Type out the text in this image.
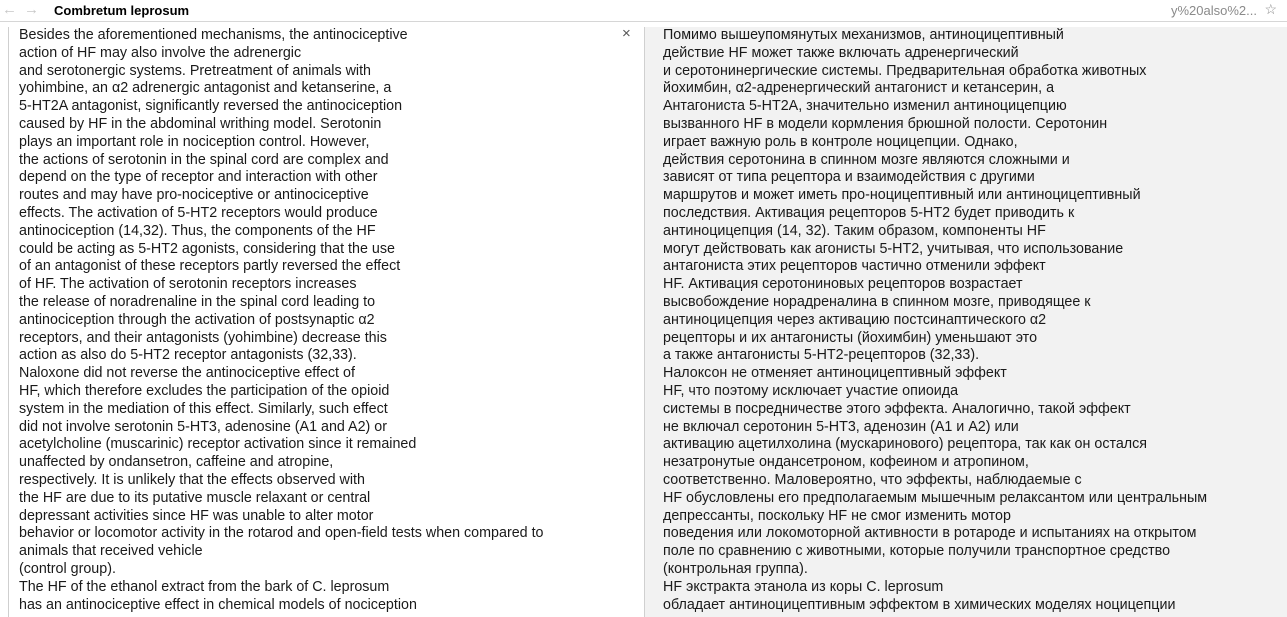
← → Combretum leprosum	y%20also%2... ☆
Besides the aforementioned mechanisms, the antinociceptive
action of HF may also involve the adrenergic
and serotonergic systems. Pretreatment of animals with
yohimbine, an α2 adrenergic antagonist and ketanserine, a
5-HT2A antagonist, significantly reversed the antinociception
caused by HF in the abdominal writhing model. Serotonin
plays an important role in nociception control. However,
the actions of serotonin in the spinal cord are complex and
depend on the type of receptor and interaction with other
routes and may have pro-nociceptive or antinociceptive
effects. The activation of 5-HT2 receptors would produce
antinociception (14,32). Thus, the components of the HF
could be acting as 5-HT2 agonists, considering that the use
of an antagonist of these receptors partly reversed the effect
of HF. The activation of serotonin receptors increases
the release of noradrenaline in the spinal cord leading to
antinociception through the activation of postsynaptic α2
receptors, and their antagonists (yohimbine) decrease this
action as also do 5-HT2 receptor antagonists (32,33).
Naloxone did not reverse the antinociceptive effect of
HF, which therefore excludes the participation of the opioid
system in the mediation of this effect. Similarly, such effect
did not involve serotonin 5-HT3, adenosine (A1 and A2) or
acetylcholine (muscarinic) receptor activation since it remained
unaffected by ondansetron, caffeine and atropine,
respectively. It is unlikely that the effects observed with
the HF are due to its putative muscle relaxant or central
depressant activities since HF was unable to alter motor
behavior or locomotor activity in the rotarod and open-field tests when compared to
animals that received vehicle
(control group).
The HF of the ethanol extract from the bark of C. leprosum
has an antinociceptive effect in chemical models of nociception
× Помимо вышеупомянутых механизмов, антиноцицептивный
действие HF может также включать адренергический
и серотонинергические системы. Предварительная обработка животных
йохимбин, α2-адренергический антагонист и кетансерин, а
Антагониста 5-HT2A, значительно изменил антиноцицепцию
вызванного HF в модели кормления брюшной полости. Серотонин
играет важную роль в контроле ноцицепции. Однако,
действия серотонина в спинном мозге являются сложными и
зависят от типа рецептора и взаимодействия с другими
маршрутов и может иметь про-ноцицептивный или антиноцицептивный
последствия. Активация рецепторов 5-HT2 будет приводить к
антиноцицепция (14, 32). Таким образом, компоненты HF
могут действовать как агонисты 5-HT2, учитывая, что использование
антагониста этих рецепторов частично отменили эффект
HF. Активация серотониновых рецепторов возрастает
высвобождение норадреналина в спинном мозге, приводящее к
антиноцицепция через активацию постсинаптического α2
рецепторы и их антагонисты (йохимбин) уменьшают это
а также антагонисты 5-HT2-рецепторов (32,33).
Налоксон не отменяет антиноцицептивный эффект
HF, что поэтому исключает участие опиоида
системы в посредничестве этого эффекта. Аналогично, такой эффект
не включал серотонин 5-HT3, аденозин (A1 и A2) или
активацию ацетилхолина (мускаринового) рецептора, так как он остался
незатронутые ондансетроном, кофеином и атропином,
соответственно. Маловероятно, что эффекты, наблюдаемые с
HF обусловлены его предполагаемым мышечным релаксантом или центральным
депрессанты, поскольку HF не смог изменить мотор
поведения или локомоторной активности в ротароде и испытаниях на открытом
поле по сравнению с животными, которые получили транспортное средство
(контрольная группа).
HF экстракта этанола из коры C. leprosum
обладает антиноцицептивным эффектом в химических моделях ноцицепции
